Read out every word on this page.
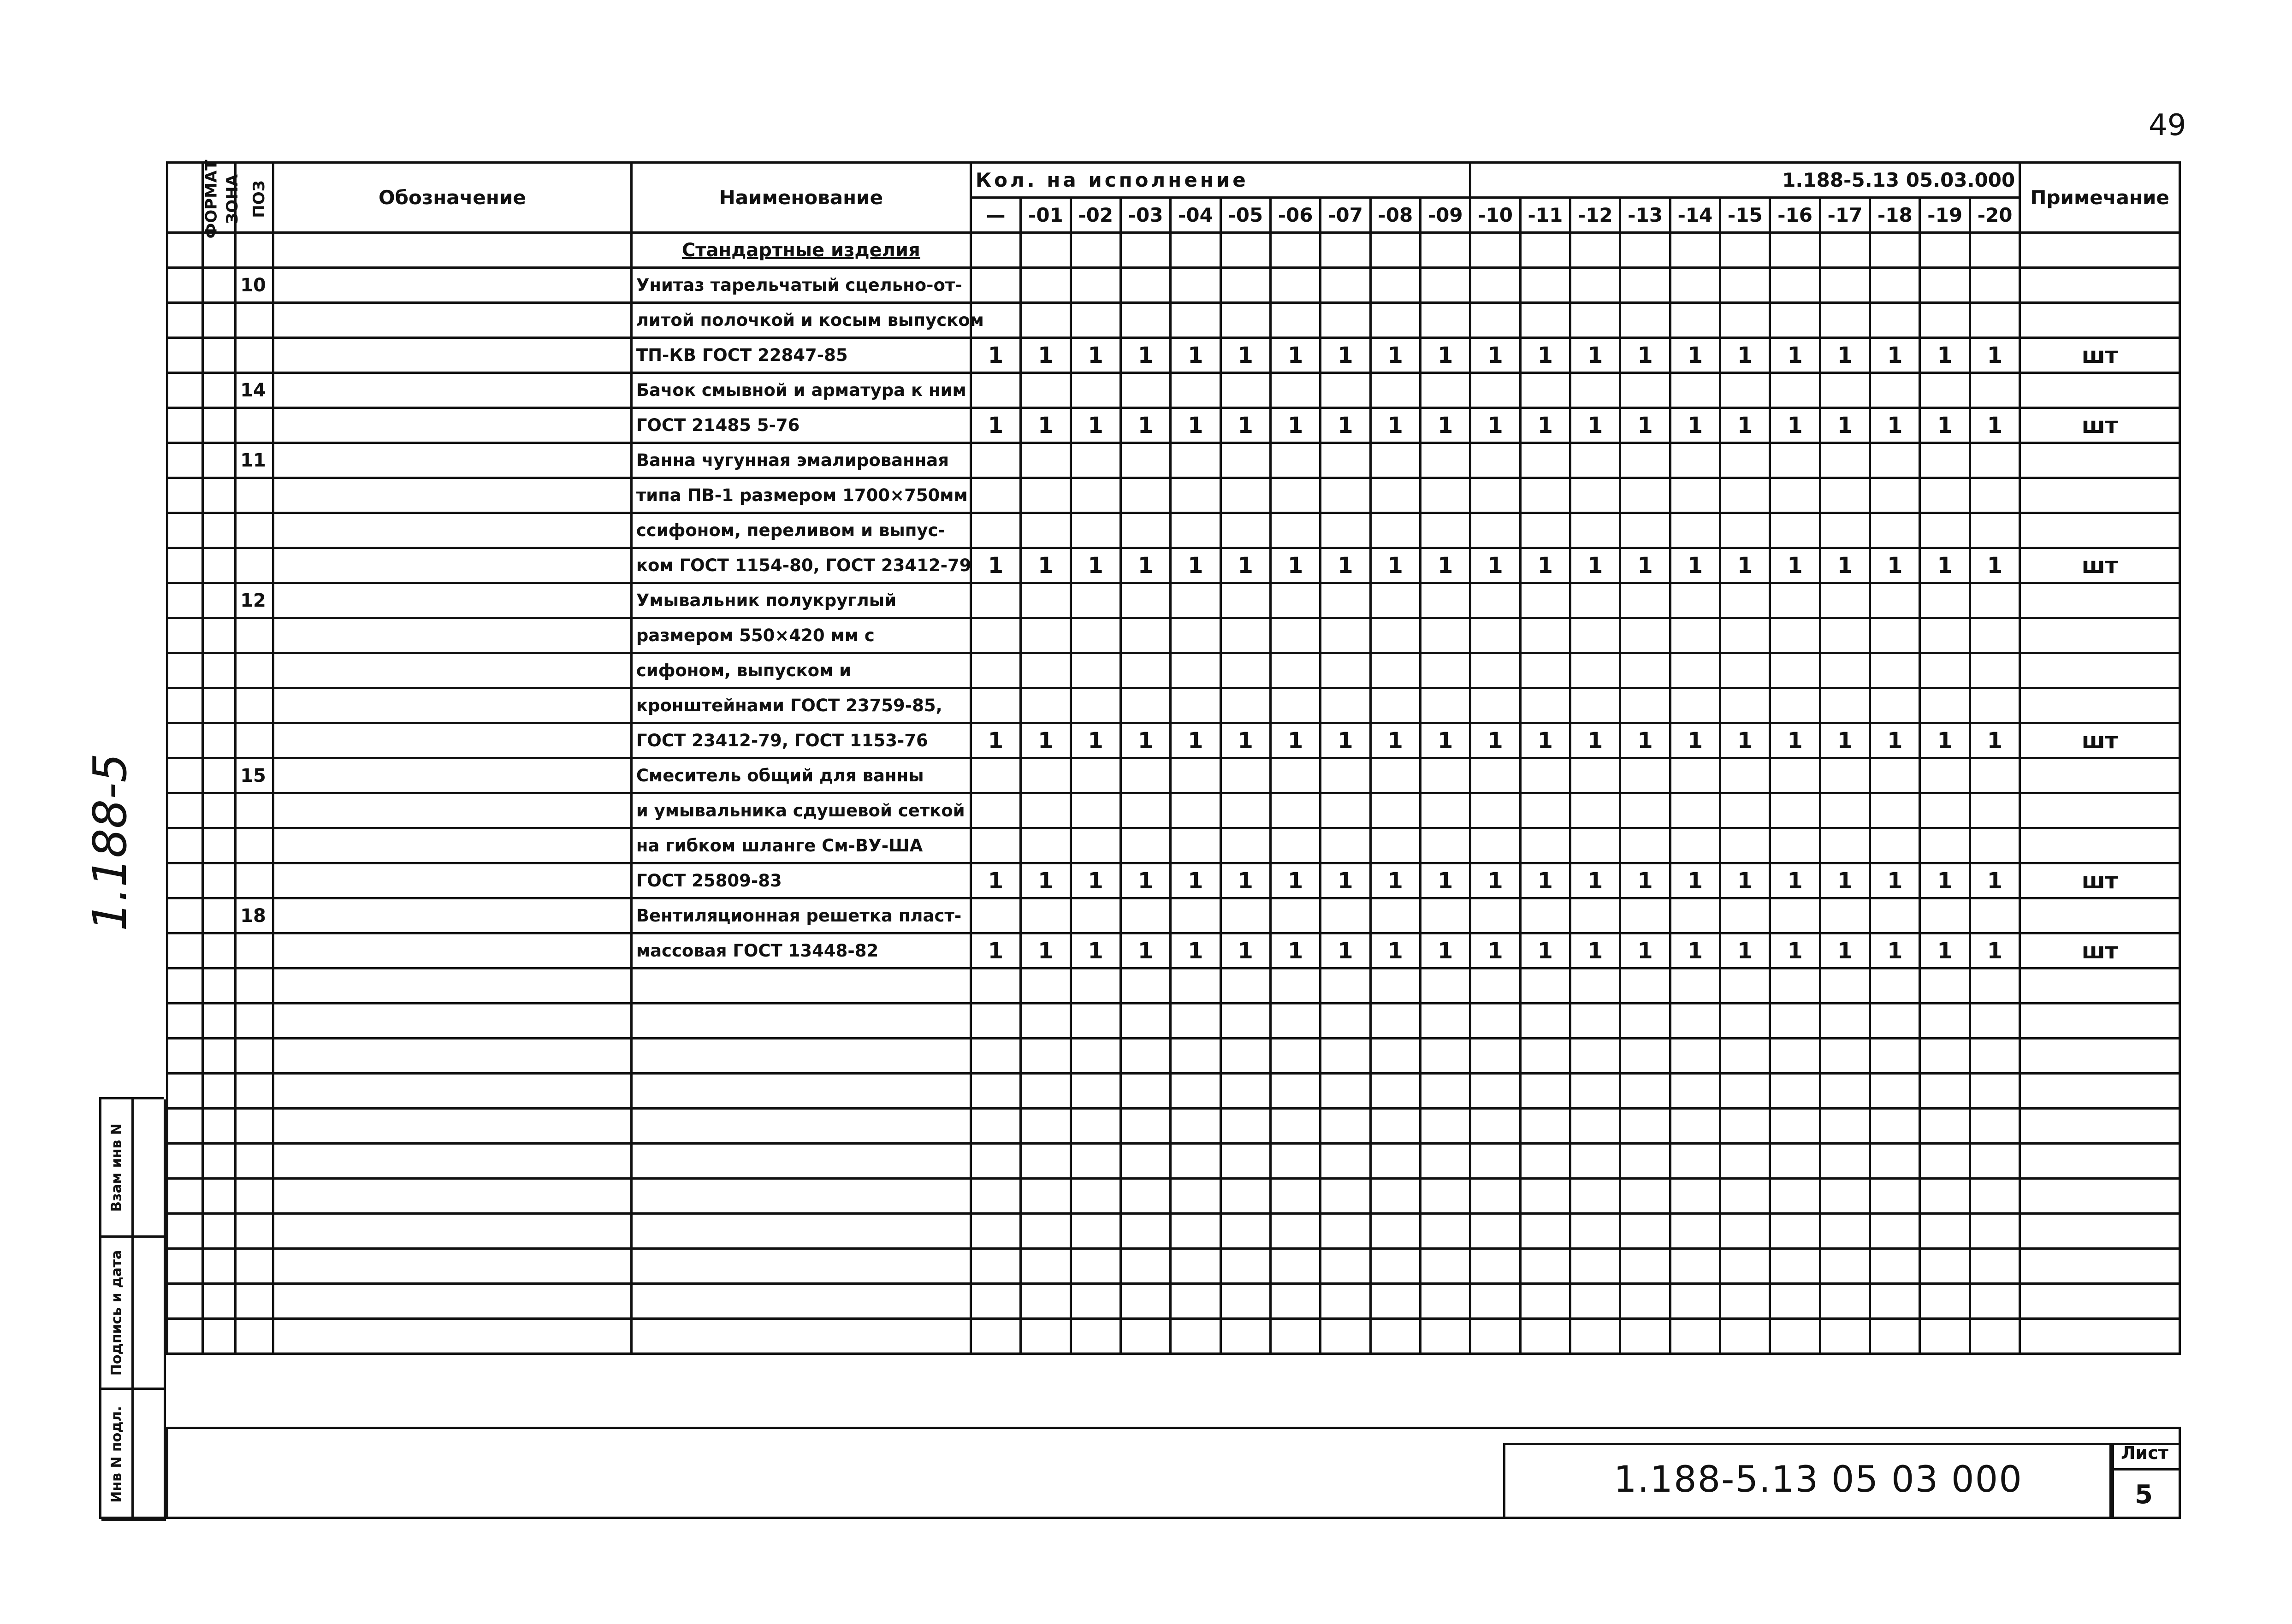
49
1.188-5
ФОРМАТ	ЗОНА	ПОЗ	Обозначение	Наименование	Кол. на исполнение										1.188-5.13 05.03.000											Примечание
					—	-01	-02	-03	-04	-05	-06	-07	-08	-09	-10	-11	-12	-13	-14	-15	-16	-17	-18	-19	-20	
				Стандартные изделия																						
		10		Унитаз тарельчатый сцельно-от-																						
				литой полочкой и косым выпуском																						
				ТП-КВ ГОСТ 22847-85	1	1	1	1	1	1	1	1	1	1	1	1	1	1	1	1	1	1	1	1	1	шт
		14		Бачок смывной и арматура к ним																						
				ГОСТ 21485 5-76	1	1	1	1	1	1	1	1	1	1	1	1	1	1	1	1	1	1	1	1	1	шт
		11		Ванна чугунная эмалированная																						
				типа ПВ-1 размером 1700×750мм																						
				ссифоном, переливом и выпус-																						
				ком ГОСТ 1154-80, ГОСТ 23412-79	1	1	1	1	1	1	1	1	1	1	1	1	1	1	1	1	1	1	1	1	1	шт
		12		Умывальник полукруглый																						
				размером 550×420 мм с																						
				сифоном, выпуском и																						
				кронштейнами ГОСТ 23759-85,																						
				ГОСТ 23412-79, ГОСТ 1153-76	1	1	1	1	1	1	1	1	1	1	1	1	1	1	1	1	1	1	1	1	1	шт
		15		Смеситель общий для ванны																						
				и умывальника сдушевой сеткой																						
				на гибком шланге См-ВУ-ША																						
				ГОСТ 25809-83	1	1	1	1	1	1	1	1	1	1	1	1	1	1	1	1	1	1	1	1	1	шт
		18		Вентиляционная решетка пласт-																						
				массовая ГОСТ 13448-82	1	1	1	1	1	1	1	1	1	1	1	1	1	1	1	1	1	1	1	1	1	шт

Взам инв N
Подпись и дата
Инв N подл.	1.188-5.13 05 03 000
Лист
5
